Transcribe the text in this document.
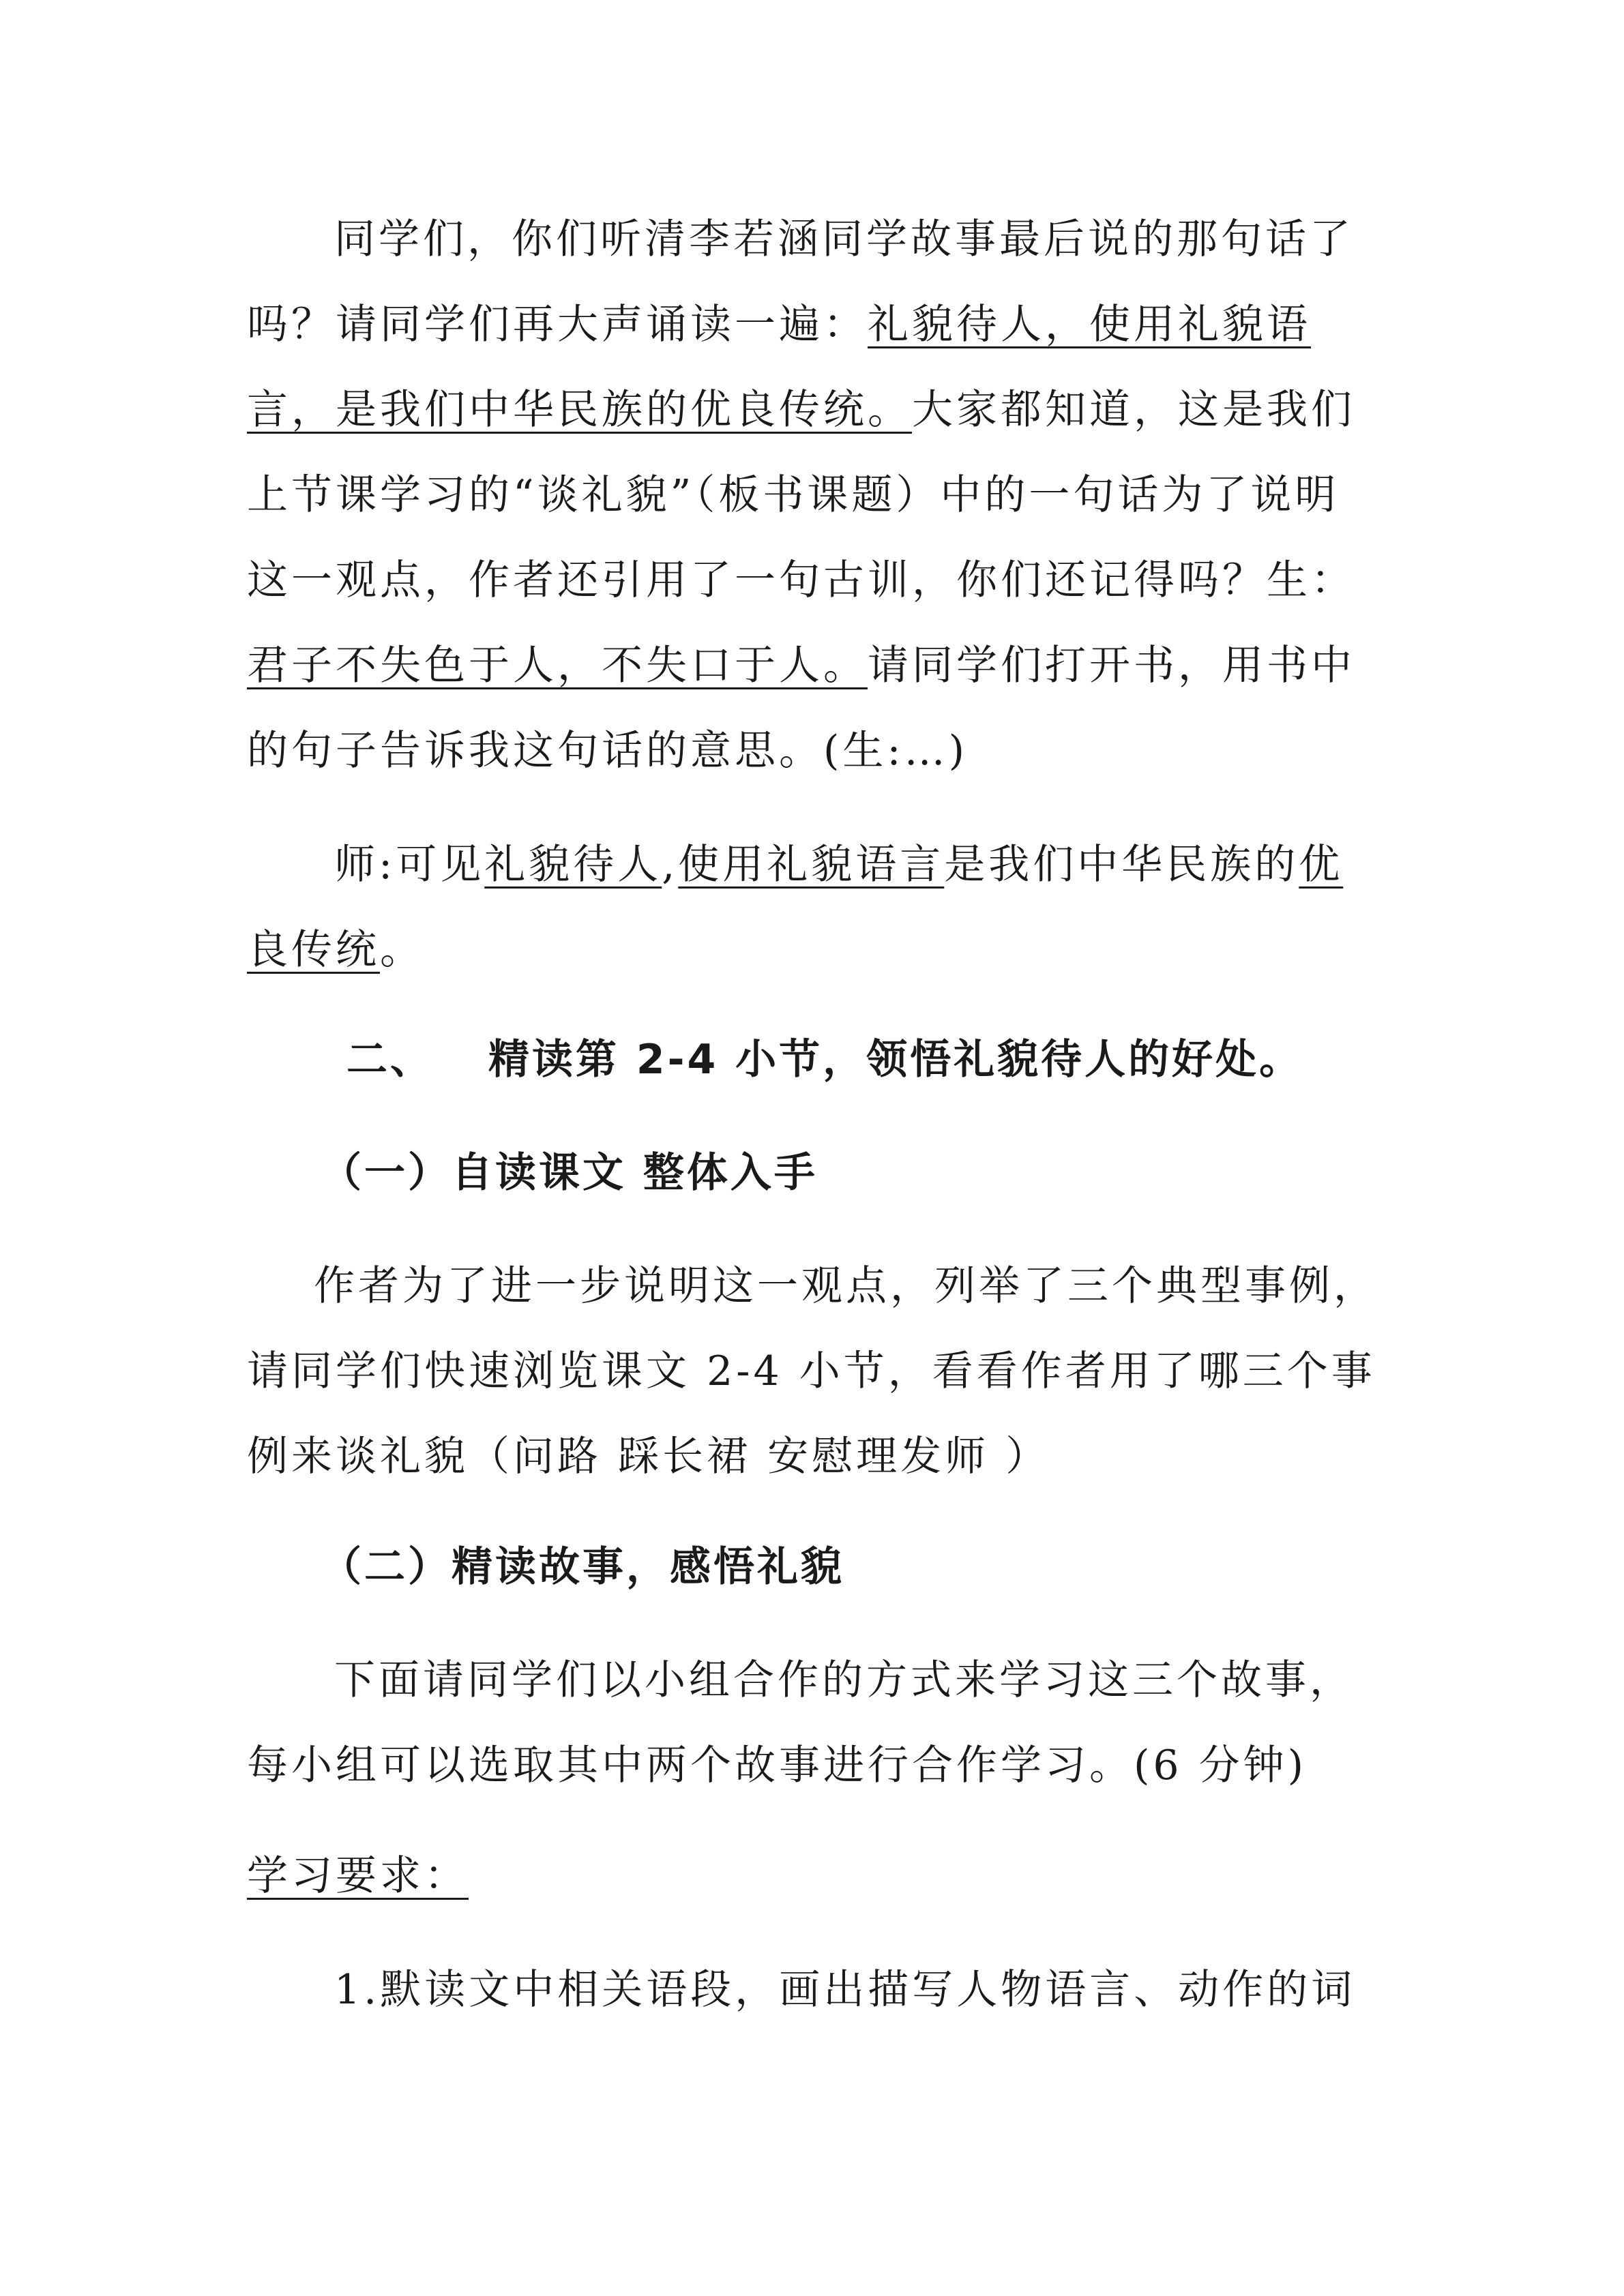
同学们，你们听清李若涵同学故事最后说的那句话了
吗？请同学们再大声诵读一遍：礼貌待人，使用礼貌语
言，是我们中华民族的优良传统。大家都知道，这是我们
上节课学习的“谈礼貌”（板书课题）中的一句话为了说明
这一观点，作者还引用了一句古训，你们还记得吗？生：
君子不失色于人，不失口于人。请同学们打开书，用书中
的句子告诉我这句话的意思。(生:…)
师:可见礼貌待人,使用礼貌语言是我们中华民族的优
良传统。
二、 精读第 2-4 小节，领悟礼貌待人的好处。
（一）自读课文 整体入手
作者为了进一步说明这一观点，列举了三个典型事例，
请同学们快速浏览课文 2-4 小节，看看作者用了哪三个事
例来谈礼貌（问路 踩长裙 安慰理发师 ）
（二）精读故事，感悟礼貌
下面请同学们以小组合作的方式来学习这三个故事，
每小组可以选取其中两个故事进行合作学习。(6 分钟)
学习要求：
1.默读文中相关语段，画出描写人物语言、动作的词
